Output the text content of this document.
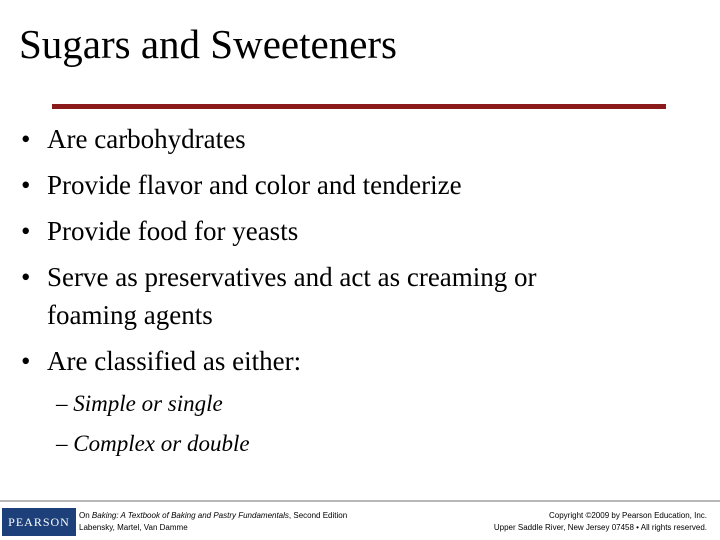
Sugars and Sweeteners
• Are carbohydrates
• Provide flavor and color and tenderize
• Provide food for yeasts
• Serve as preservatives and act as creaming or
foaming agents
• Are classified as either:
– Simple or single
– Complex or double
PEARSON	On Baking: A Textbook of Baking and Pastry Fundamentals, Second Edition
Labensky, Martel, Van Damme
Copyright ©2009 by Pearson Education, Inc.
Upper Saddle River, New Jersey 07458 • All rights reserved.
